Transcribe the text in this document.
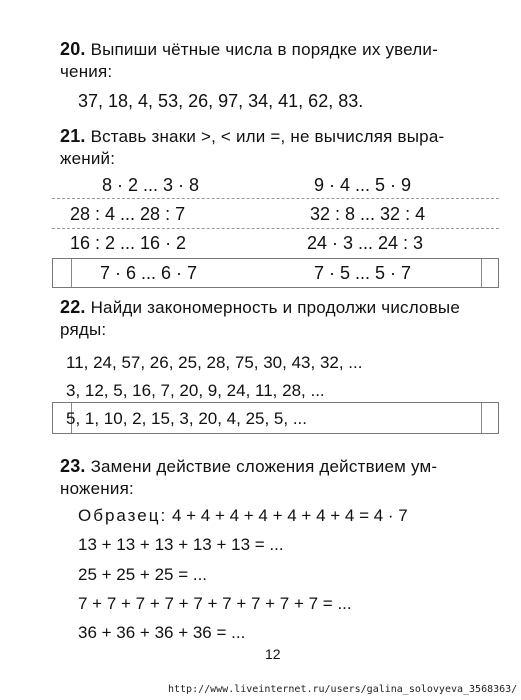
20. Выпиши чётные числа в порядке их увели-
чения:
37, 18, 4, 53, 26, 97, 34, 41, 62, 83.
21. Вставь знаки >, < или =, не вычисляя выра-
жений:
8 · 2 ... 3 · 8	9 · 4 ... 5 · 9
28 : 4 ... 28 : 7	32 : 8 ... 32 : 4
16 : 2 ... 16 · 2	24 · 3 ... 24 : 3
7 · 6 ... 6 · 7	7 · 5 ... 5 · 7
22. Найди закономерность и продолжи числовые
ряды:
11, 24, 57, 26, 25, 28, 75, 30, 43, 32, ...
3, 12, 5, 16, 7, 20, 9, 24, 11, 28, ...
5, 1, 10, 2, 15, 3, 20, 4, 25, 5, ...
23. Замени действие сложения действием ум-
ножения:
Образец: 4 + 4 + 4 + 4 + 4 + 4 + 4 = 4 · 7
13 + 13 + 13 + 13 + 13 = ...
25 + 25 + 25 = ...
7 + 7 + 7 + 7 + 7 + 7 + 7 + 7 + 7 = ...
36 + 36 + 36 + 36 = ...
12
http://www.liveinternet.ru/users/galina_solovyeva_3568363/
